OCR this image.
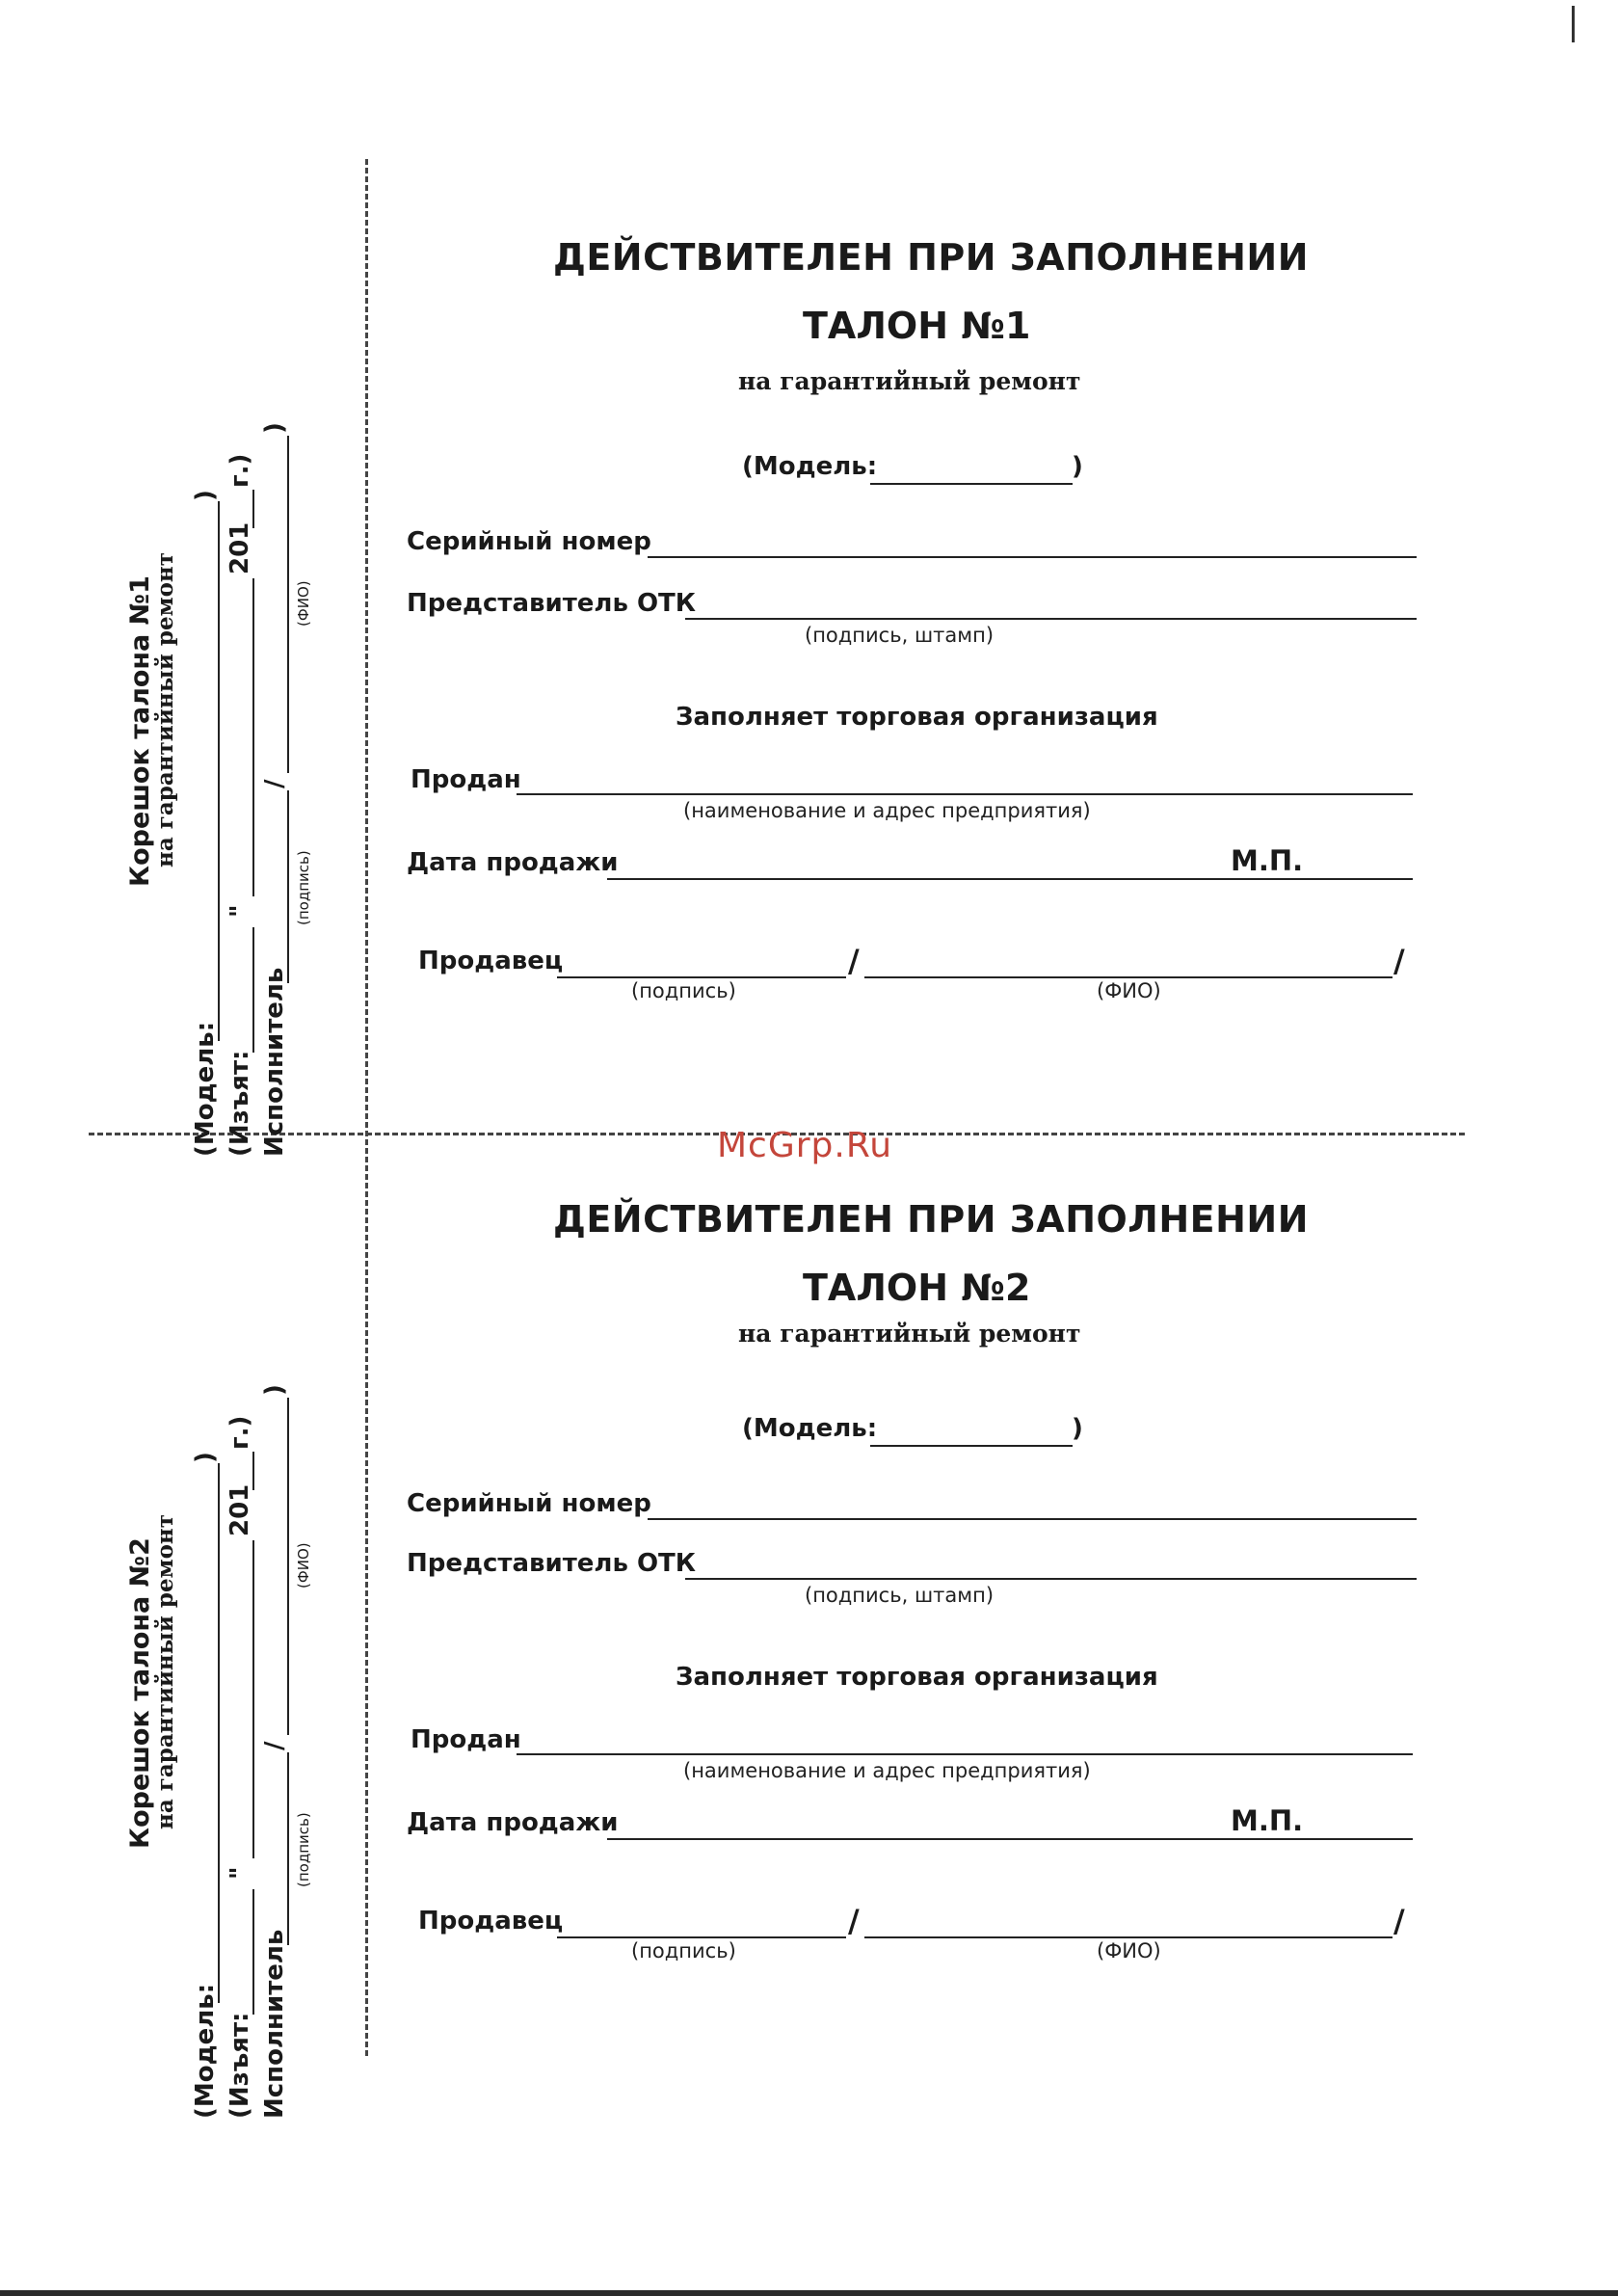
McGrp.Ru
ДЕЙСТВИТЕЛЕН ПРИ ЗАПОЛНЕНИИ
ТАЛОН №1
на гарантийный ремонт
(Модель:	)
Серийный номер
Представитель ОТК
(подпись, штамп)
Заполняет торговая организация
Продан
(наименование и адрес предприятия)
Дата продажи	М.П.
Продавец	/	/
(подпись)	(ФИО)
Корешок талона №1
на гарантийный ремонт
(Модель:
)
(Изъят:
"
201
г.)
Исполнитель
/
)
(подпись)
(ФИО)
ДЕЙСТВИТЕЛЕН ПРИ ЗАПОЛНЕНИИ
ТАЛОН №2
на гарантийный ремонт
(Модель:	)
Серийный номер
Представитель ОТК
(подпись, штамп)
Заполняет торговая организация
Продан
(наименование и адрес предприятия)
Дата продажи	М.П.
Продавец	/	/
(подпись)	(ФИО)
Корешок талона №2
на гарантийный ремонт
(Модель:
)
(Изъят:
"
201
г.)
Исполнитель
/
)
(подпись)
(ФИО)
